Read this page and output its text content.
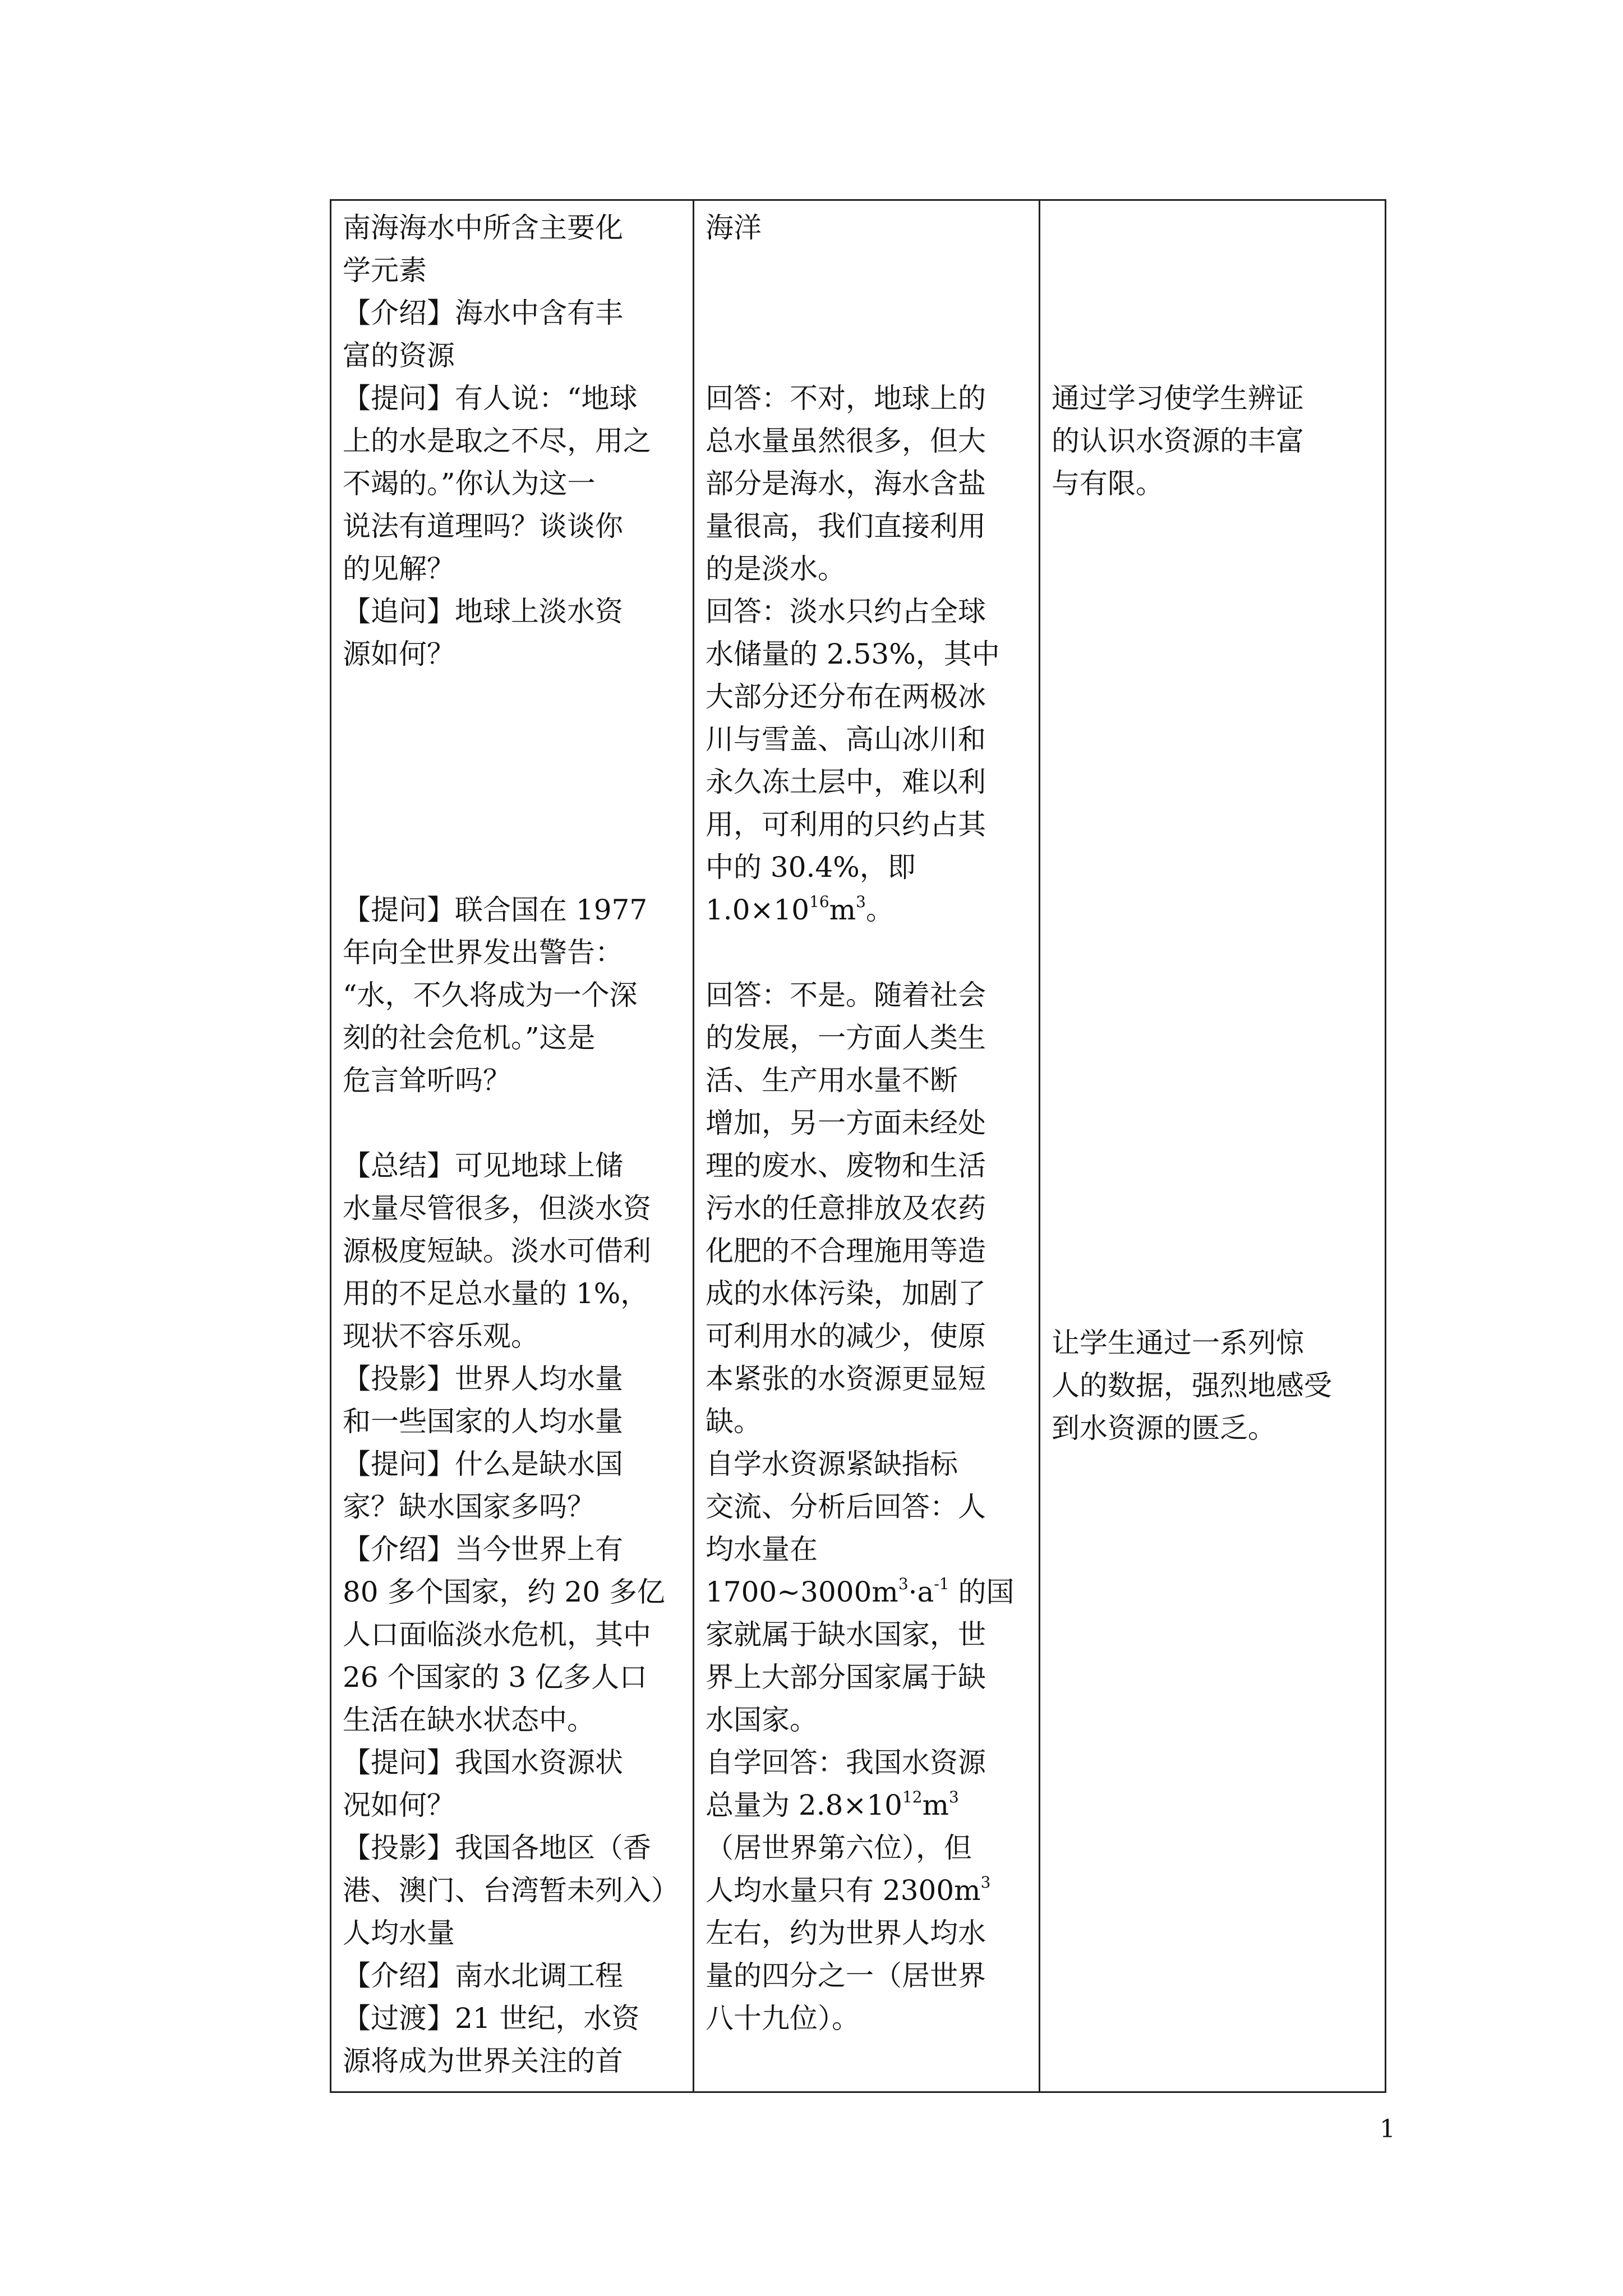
南海海水中所含主要化
学元素
【介绍】海水中含有丰
富的资源
【提问】有人说：“地球
上的水是取之不尽，用之
不竭的。”你认为这一
说法有道理吗？谈谈你
的见解？
【追问】地球上淡水资
源如何？
【提问】联合国在 1977
年向全世界发出警告：
“水，不久将成为一个深
刻的社会危机。”这是
危言耸听吗？
【总结】可见地球上储
水量尽管很多，但淡水资
源极度短缺。淡水可借利
用的不足总水量的 1%，
现状不容乐观。
【投影】世界人均水量
和一些国家的人均水量
【提问】什么是缺水国
家？缺水国家多吗？
【介绍】当今世界上有
80 多个国家，约 20 多亿
人口面临淡水危机，其中
26 个国家的 3 亿多人口
生活在缺水状态中。
【提问】我国水资源状
况如何？
【投影】我国各地区（香
港、澳门、台湾暂未列入）
人均水量
【介绍】南水北调工程
【过渡】21 世纪，水资
源将成为世界关注的首

海洋
回答：不对，地球上的
总水量虽然很多，但大
部分是海水，海水含盐
量很高，我们直接利用
的是淡水。
回答：淡水只约占全球
水储量的 2.53%，其中
大部分还分布在两极冰
川与雪盖、高山冰川和
永久冻土层中，难以利
用，可利用的只约占其
中的 30.4%，即
$1.0\times 10^{16}m^3$。
回答：不是。随着社会
的发展，一方面人类生
活、生产用水量不断
增加，另一方面未经处
理的废水、废物和生活
污水的任意排放及农药
化肥的不合理施用等造
成的水体污染，加剧了
可利用水的减少，使原
本紧张的水资源更显短
缺。
自学水资源紧缺指标
交流、分析后回答：人
均水量在
$1700\sim 3000m^3\cdot a^{-1}$ 的国
家就属于缺水国家，世
界上大部分国家属于缺
水国家。
自学回答：我国水资源
总量为 $2.8\times 10^{12}m^3$
（居世界第六位），但
人均水量只有 $2300m^3$
左右，约为世界人均水
量的四分之一（居世界
八十九位）。

通过学习使学生辨证
的认识水资源的丰富
与有限。
让学生通过一系列惊
人的数据，强烈地感受
到水资源的匮乏。
1
